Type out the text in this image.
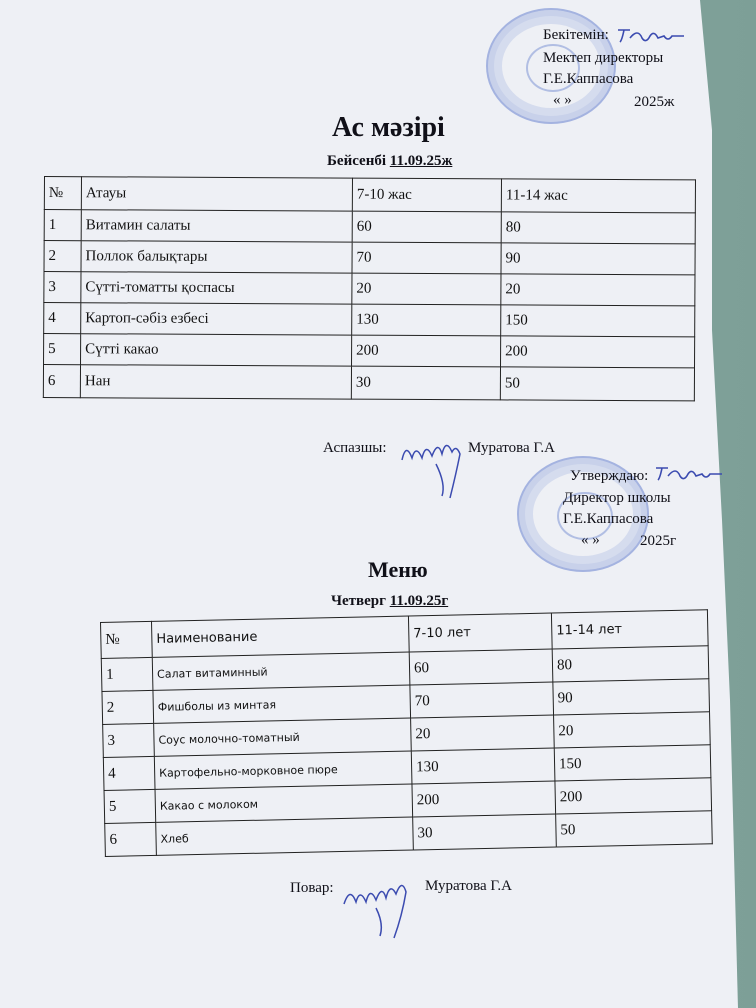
Бекітемін:
Мектеп директоры
Г.Е.Каппасова
« »	2025ж
Ас мәзірі
Бейсенбі 11.09.25ж
№	Атауы	7-10 жас	11-14 жас
1	Витамин салаты	60	80
2	Поллок балықтары	70	90
3	Сүтті-томатты қоспасы	20	20
4	Картоп-сәбіз езбесі	130	150
5	Сүтті какао	200	200
6	Нан	30	50
Аспазшы:	Муратова Г.А
Утверждаю:
Директор школы
Г.Е.Каппасова
« »	2025г
Меню
Четверг 11.09.25г
№	Наименование	7-10 лет	11-14 лет
1	Салат витаминный	60	80
2	Фишболы из минтая	70	90
3	Соус молочно-томатный	20	20
4	Картофельно-морковное пюре	130	150
5	Какао с молоком	200	200
6	Хлеб	30	50
Повар:	Муратова Г.А
